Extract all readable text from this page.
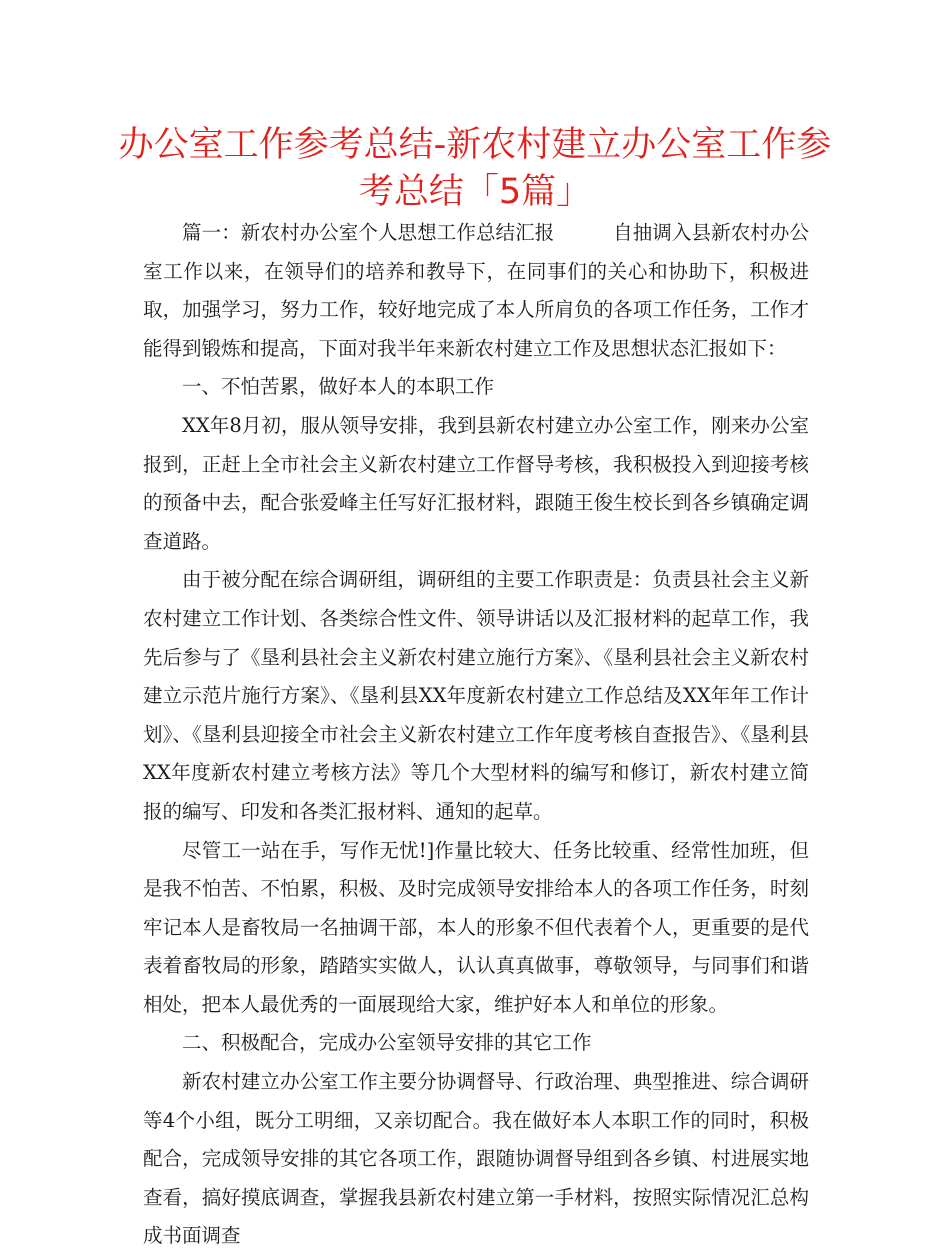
办公室工作参考总结-新农村建立办公室工作参考总结「5篇」

篇一：新农村办公室个人思想工作总结汇报　　　自抽调入县新农村办公室工作以来，在领导们的培养和教导下，在同事们的关心和协助下，积极进取，加强学习，努力工作，较好地完成了本人所肩负的各项工作任务，工作才能得到锻炼和提高，下面对我半年来新农村建立工作及思想状态汇报如下：

一、不怕苦累，做好本人的本职工作

XX年8月初，服从领导安排，我到县新农村建立办公室工作，刚来办公室报到，正赶上全市社会主义新农村建立工作督导考核，我积极投入到迎接考核的预备中去，配合张爱峰主任写好汇报材料，跟随王俊生校长到各乡镇确定调查道路。

由于被分配在综合调研组，调研组的主要工作职责是：负责县社会主义新农村建立工作计划、各类综合性文件、领导讲话以及汇报材料的起草工作，我先后参与了《垦利县社会主义新农村建立施行方案》、《垦利县社会主义新农村建立示范片施行方案》、《垦利县XX年度新农村建立工作总结及XX年年工作计划》、《垦利县迎接全市社会主义新农村建立工作年度考核自查报告》、《垦利县XX年度新农村建立考核方法》等几个大型材料的编写和修订，新农村建立简报的编写、印发和各类汇报材料、通知的起草。

尽管工一站在手，写作无忧!]作量比较大、任务比较重、经常性加班，但是我不怕苦、不怕累，积极、及时完成领导安排给本人的各项工作任务，时刻牢记本人是畜牧局一名抽调干部，本人的形象不但代表着个人，更重要的是代表着畜牧局的形象，踏踏实实做人，认认真真做事，尊敬领导，与同事们和谐相处，把本人最优秀的一面展现给大家，维护好本人和单位的形象。

二、积极配合，完成办公室领导安排的其它工作

新农村建立办公室工作主要分协调督导、行政治理、典型推进、综合调研等4个小组，既分工明细，又亲切配合。我在做好本人本职工作的同时，积极配合，完成领导安排的其它各项工作，跟随协调督导组到各乡镇、村进展实地查看，搞好摸底调查，掌握我县新农村建立第一手材料，按照实际情况汇总构成书面调查
